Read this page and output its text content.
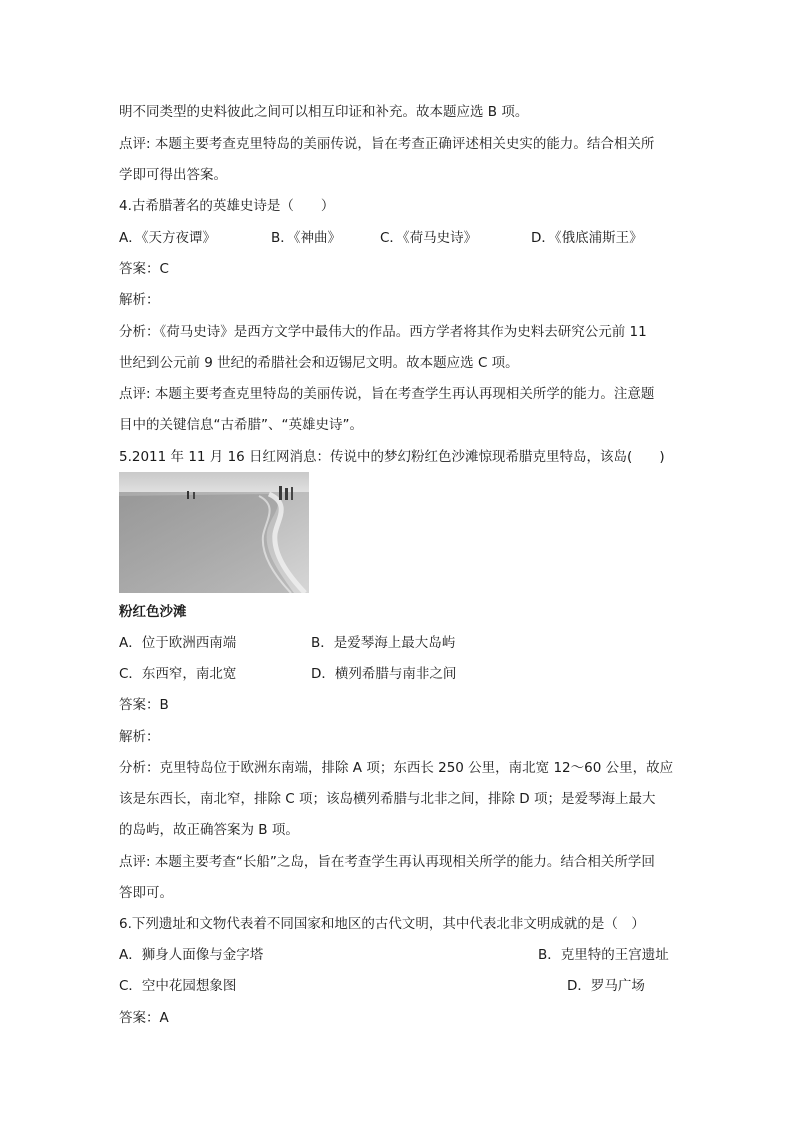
明不同类型的史料彼此之间可以相互印证和补充。故本题应选 B 项。
点评: 本题主要考查克里特岛的美丽传说，旨在考查正确评述相关史实的能力。结合相关所
学即可得出答案。
4.古希腊著名的英雄史诗是（　　）
A．《天方夜谭》	B．《神曲》	C．《荷马史诗》	D．《俄底浦斯王》
答案：C
解析：
分析：《荷马史诗》是西方文学中最伟大的作品。西方学者将其作为史料去研究公元前 11
世纪到公元前 9 世纪的希腊社会和迈锡尼文明。故本题应选 C 项。
点评: 本题主要考查克里特岛的美丽传说，旨在考查学生再认再现相关所学的能力。注意题
目中的关键信息“古希腊”、“英雄史诗”。
5.2011 年 11 月 16 日红网消息：传说中的梦幻粉红色沙滩惊现希腊克里特岛，该岛(　　)
粉红色沙滩
A．位于欧洲西南端	B．是爱琴海上最大岛屿
C．东西窄，南北宽	D．横列希腊与南非之间
答案：B
解析：
分析：克里特岛位于欧洲东南端，排除 A 项；东西长 250 公里，南北宽 12～60 公里，故应
该是东西长，南北窄，排除 C 项；该岛横列希腊与北非之间，排除 D 项；是爱琴海上最大
的岛屿，故正确答案为 B 项。
点评: 本题主要考查“长船”之岛，旨在考查学生再认再现相关所学的能力。结合相关所学回
答即可。
6.下列遗址和文物代表着不同国家和地区的古代文明，其中代表北非文明成就的是（　）
A．狮身人面像与金字塔	B．克里特的王宫遗址
C．空中花园想象图	D．罗马广场
答案：A
